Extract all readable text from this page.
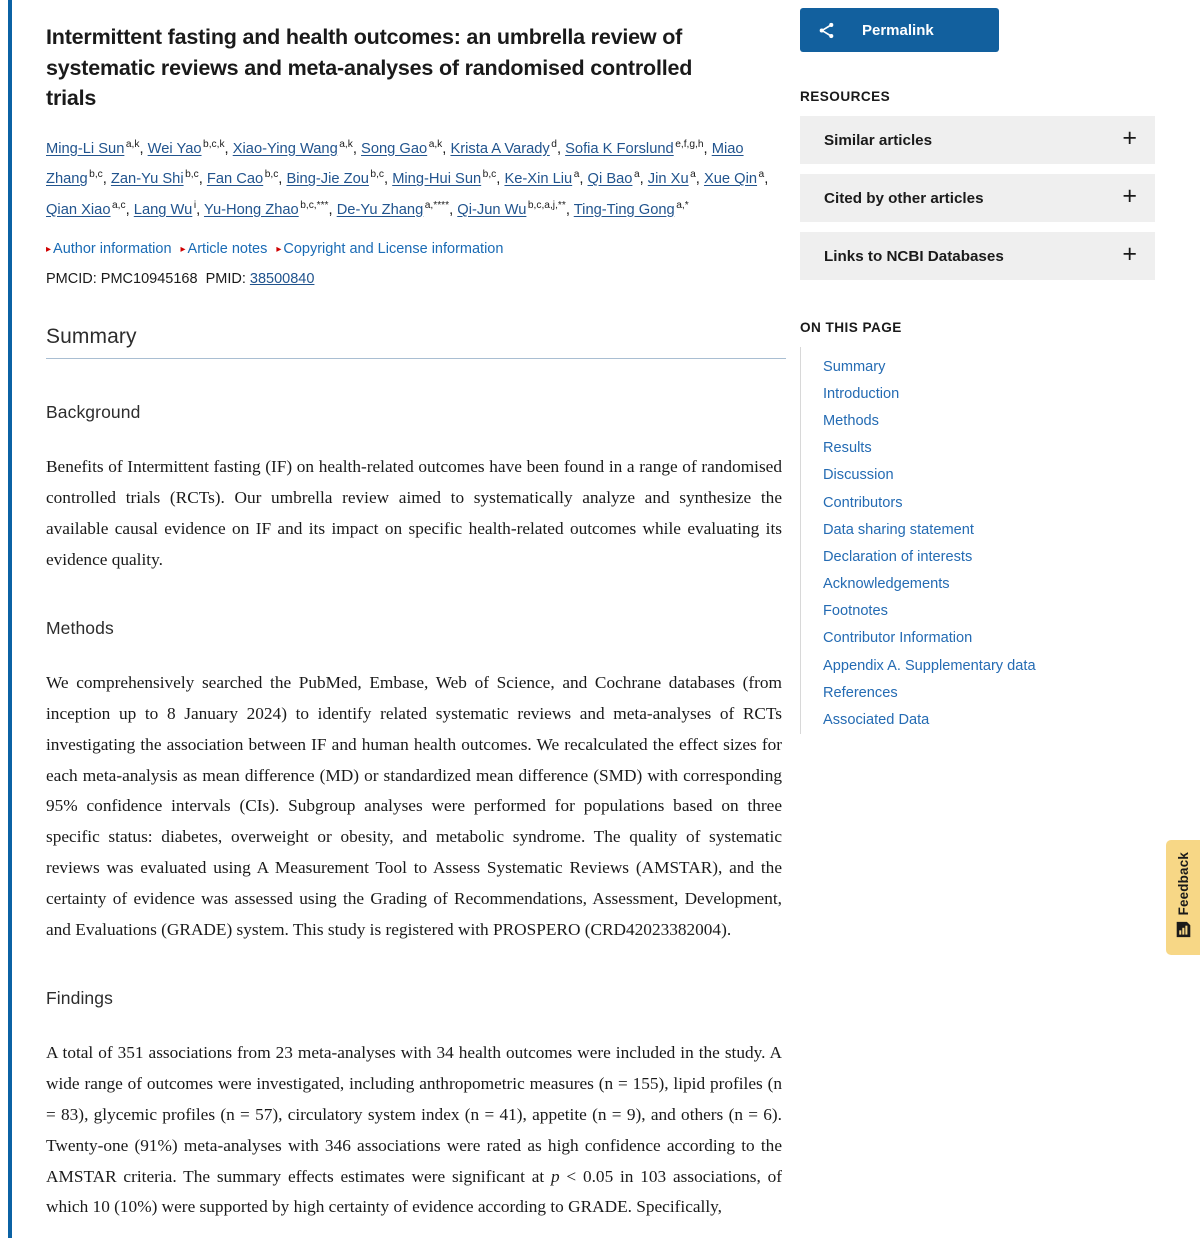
Intermittent fasting and health outcomes: an umbrella review of systematic reviews and meta-analyses of randomised controlled trials
Ming-Li Sun $^{a,k}$, Wei Yao $^{b,c,k}$, Xiao-Ying Wang $^{a,k}$, Song Gao $^{a,k}$, Krista A Varady $^d$, Sofia K Forslund $^{e,f,g,h}$, Miao Zhang $^{b,c}$, Zan-Yu Shi $^{b,c}$, Fan Cao $^{b,c}$, Bing-Jie Zou $^{b,c}$, Ming-Hui Sun $^{b,c}$, Ke-Xin Liu $^a$, Qi Bao $^a$, Jin Xu $^a$, Xue Qin $^a$, Qian Xiao $^{a,c}$, Lang Wu $^i$, Yu-Hong Zhao $^{b,c,***}$, De-Yu Zhang $^{a,****}$, Qi-Jun Wu $^{b,c,a,j,**}$, Ting-Ting Gong $^{a,*}$
▸ Author information ▸ Article notes ▸ Copyright and License information
PMCID: PMC10945168 PMID: 38500840
Summary
Background

Benefits of Intermittent fasting (IF) on health-related outcomes have been found in a range of randomised controlled trials (RCTs). Our umbrella review aimed to systematically analyze and synthesize the available causal evidence on IF and its impact on specific health-related outcomes while evaluating its evidence quality.

Methods

We comprehensively searched the PubMed, Embase, Web of Science, and Cochrane databases (from inception up to 8 January 2024) to identify related systematic reviews and meta-analyses of RCTs investigating the association between IF and human health outcomes. We recalculated the effect sizes for each meta-analysis as mean difference (MD) or standardized mean difference (SMD) with corresponding 95% confidence intervals (CIs). Subgroup analyses were performed for populations based on three specific status: diabetes, overweight or obesity, and metabolic syndrome. The quality of systematic reviews was evaluated using A Measurement Tool to Assess Systematic Reviews (AMSTAR), and the certainty of evidence was assessed using the Grading of Recommendations, Assessment, Development, and Evaluations (GRADE) system. This study is registered with PROSPERO (CRD42023382004).

Findings

A total of 351 associations from 23 meta-analyses with 34 health outcomes were included in the study. A wide range of outcomes were investigated, including anthropometric measures (n = 155), lipid profiles (n = 83), glycemic profiles (n = 57), circulatory system index (n = 41), appetite (n = 9), and others (n = 6). Twenty-one (91%) meta-analyses with 346 associations were rated as high confidence according to the AMSTAR criteria. The summary effects estimates were significant at p < 0.05 in 103 associations, of which 10 (10%) were supported by high certainty of evidence according to GRADE. Specifically,

Permalink
RESOURCES
Similar articles	+
Cited by other articles	+
Links to NCBI Databases	+
ON THIS PAGE
Summary
Introduction
Methods
Results
Discussion
Contributors
Data sharing statement
Declaration of interests
Acknowledgements
Footnotes
Contributor Information
Appendix A. Supplementary data
References
Associated Data
Feedback
